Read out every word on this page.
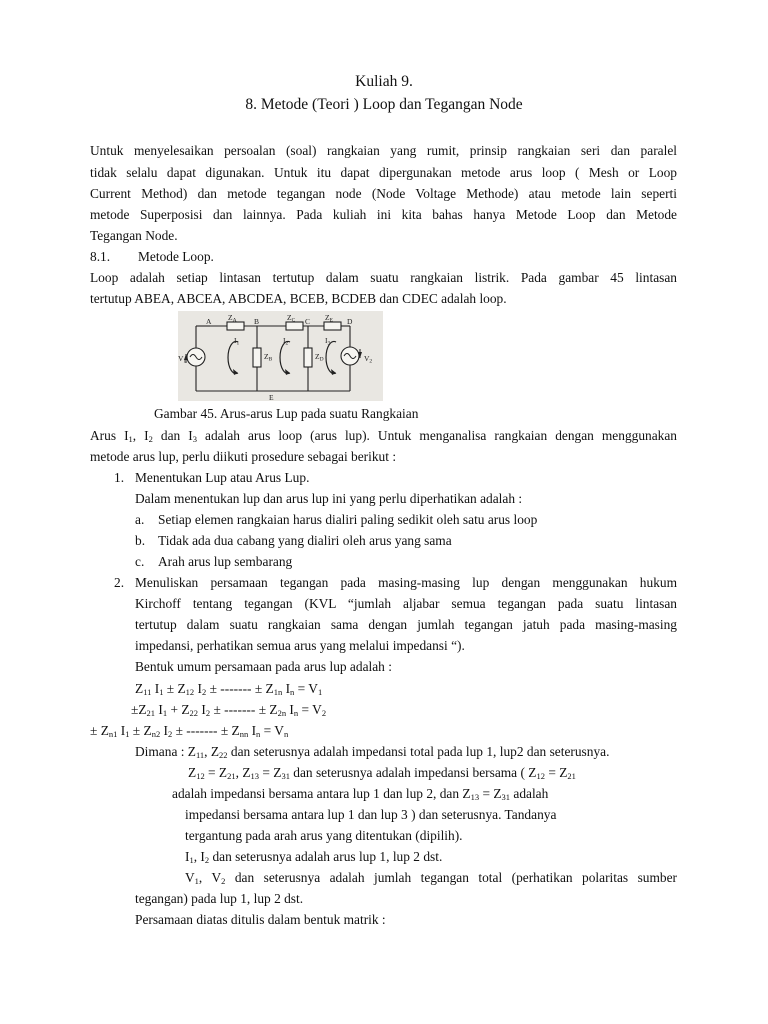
Kuliah 9.
8. Metode (Teori ) Loop dan Tegangan Node
Untuk menyelesaikan persoalan (soal) rangkaian yang rumit, prinsip rangkaian seri dan paralel
tidak selalu dapat digunakan. Untuk itu dapat dipergunakan metode arus loop ( Mesh or Loop
Current Method) dan metode tegangan node (Node Voltage Methode) atau metode lain seperti
metode Superposisi dan lainnya. Pada kuliah ini kita bahas hanya Metode Loop dan Metode
Tegangan Node.
8.1. Metode Loop.
Loop adalah setiap lintasan tertutup dalam suatu rangkaian listrik. Pada gambar 45 lintasan
tertutup ABEA, ABCEA, ABCDEA, BCEB, BCDEB dan CDEC adalah loop.
A	B	C	D
E
$Z_A$	$Z_C$	$Z_E$
$Z_B$	$Z_D$
$I_1$	$I_2$	$I_3$
$V_1$	$V_2$
Gambar 45. Arus-arus Lup pada suatu Rangkaian
Arus $I_1$, $I_2$ dan $I_3$ adalah arus loop (arus lup). Untuk menganalisa rangkaian dengan menggunakan
metode arus lup, perlu diikuti prosedure sebagai berikut :
1. Menentukan Lup atau Arus Lup.
Dalam menentukan lup dan arus lup ini yang perlu diperhatikan adalah :
a. Setiap elemen rangkaian harus dialiri paling sedikit oleh satu arus loop
b. Tidak ada dua cabang yang dialiri oleh arus yang sama
c. Arah arus lup sembarang
2. Menuliskan persamaan tegangan pada masing-masing lup dengan menggunakan hukum
Kirchoff tentang tegangan (KVL “jumlah aljabar semua tegangan pada suatu lintasan
tertutup dalam suatu rangkaian sama dengan jumlah tegangan jatuh pada masing-masing
impedansi, perhatikan semua arus yang melalui impedansi “).
Bentuk umum persamaan pada arus lup adalah :
$Z_{11}$ $I_1 \pm Z_{12}$ $I_2$ ± ------- ± $Z_{1n}$ $I_n = V_1$
$\pm Z_{21}$ $I_1 + Z_{22}$ $I_2$ ± ------- ± $Z_{2n}$ $I_n = V_2$
± $Z_{n1}$ $I_1 \pm Z_{n2}$ $I_2$ ± ------- ± $Z_{nn}$ $I_n = V_n$
Dimana : $Z_{11}$, $Z_{22}$ dan seterusnya adalah impedansi total pada lup 1, lup2 dan seterusnya.
$Z_{12} = Z_{21}$, $Z_{13} = Z_{31}$ dan seterusnya adalah impedansi bersama ( $Z_{12} = Z_{21}$
adalah impedansi bersama antara lup 1 dan lup 2, dan $Z_{13} = Z_{31}$ adalah
impedansi bersama antara lup 1 dan lup 3 ) dan seterusnya. Tandanya
tergantung pada arah arus yang ditentukan (dipilih).
$I_1$, $I_2$ dan seterusnya adalah arus lup 1, lup 2 dst.
$V_1$, $V_2$ dan seterusnya adalah jumlah tegangan total (perhatikan polaritas sumber
tegangan) pada lup 1, lup 2 dst.
Persamaan diatas ditulis dalam bentuk matrik :
